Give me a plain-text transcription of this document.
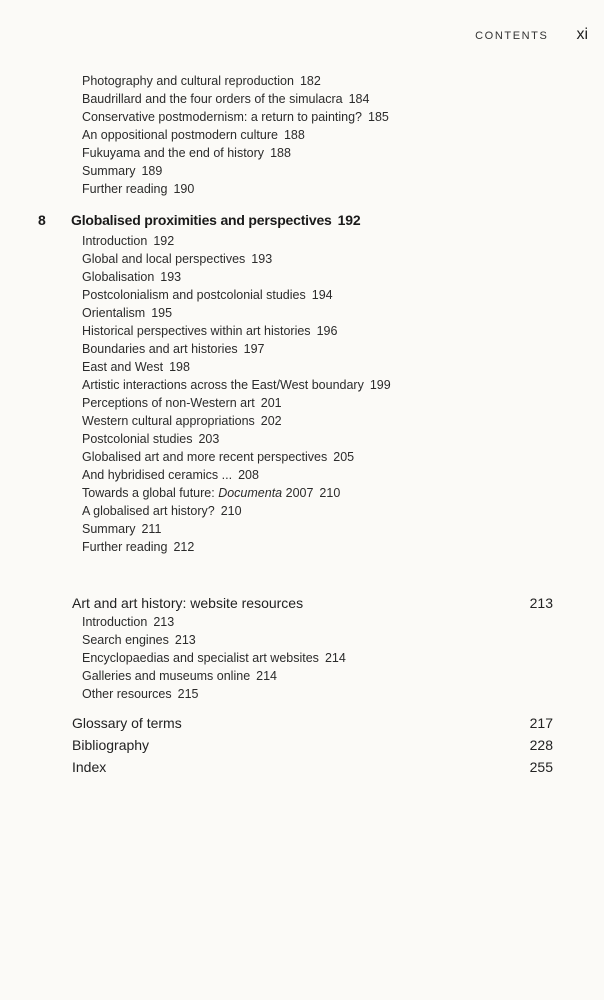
CONTENTS xi
Photography and cultural reproduction 182
Baudrillard and the four orders of the simulacra 184
Conservative postmodernism: a return to painting? 185
An oppositional postmodern culture 188
Fukuyama and the end of history 188
Summary 189
Further reading 190
8 Globalised proximities and perspectives 192
Introduction 192
Global and local perspectives 193
Globalisation 193
Postcolonialism and postcolonial studies 194
Orientalism 195
Historical perspectives within art histories 196
Boundaries and art histories 197
East and West 198
Artistic interactions across the East/West boundary 199
Perceptions of non-Western art 201
Western cultural appropriations 202
Postcolonial studies 203
Globalised art and more recent perspectives 205
And hybridised ceramics ... 208
Towards a global future: Documenta 2007 210
A globalised art history? 210
Summary 211
Further reading 212
Art and art history: website resources	213
Introduction 213
Search engines 213
Encyclopaedias and specialist art websites 214
Galleries and museums online 214
Other resources 215
Glossary of terms	217
Bibliography	228
Index	255
